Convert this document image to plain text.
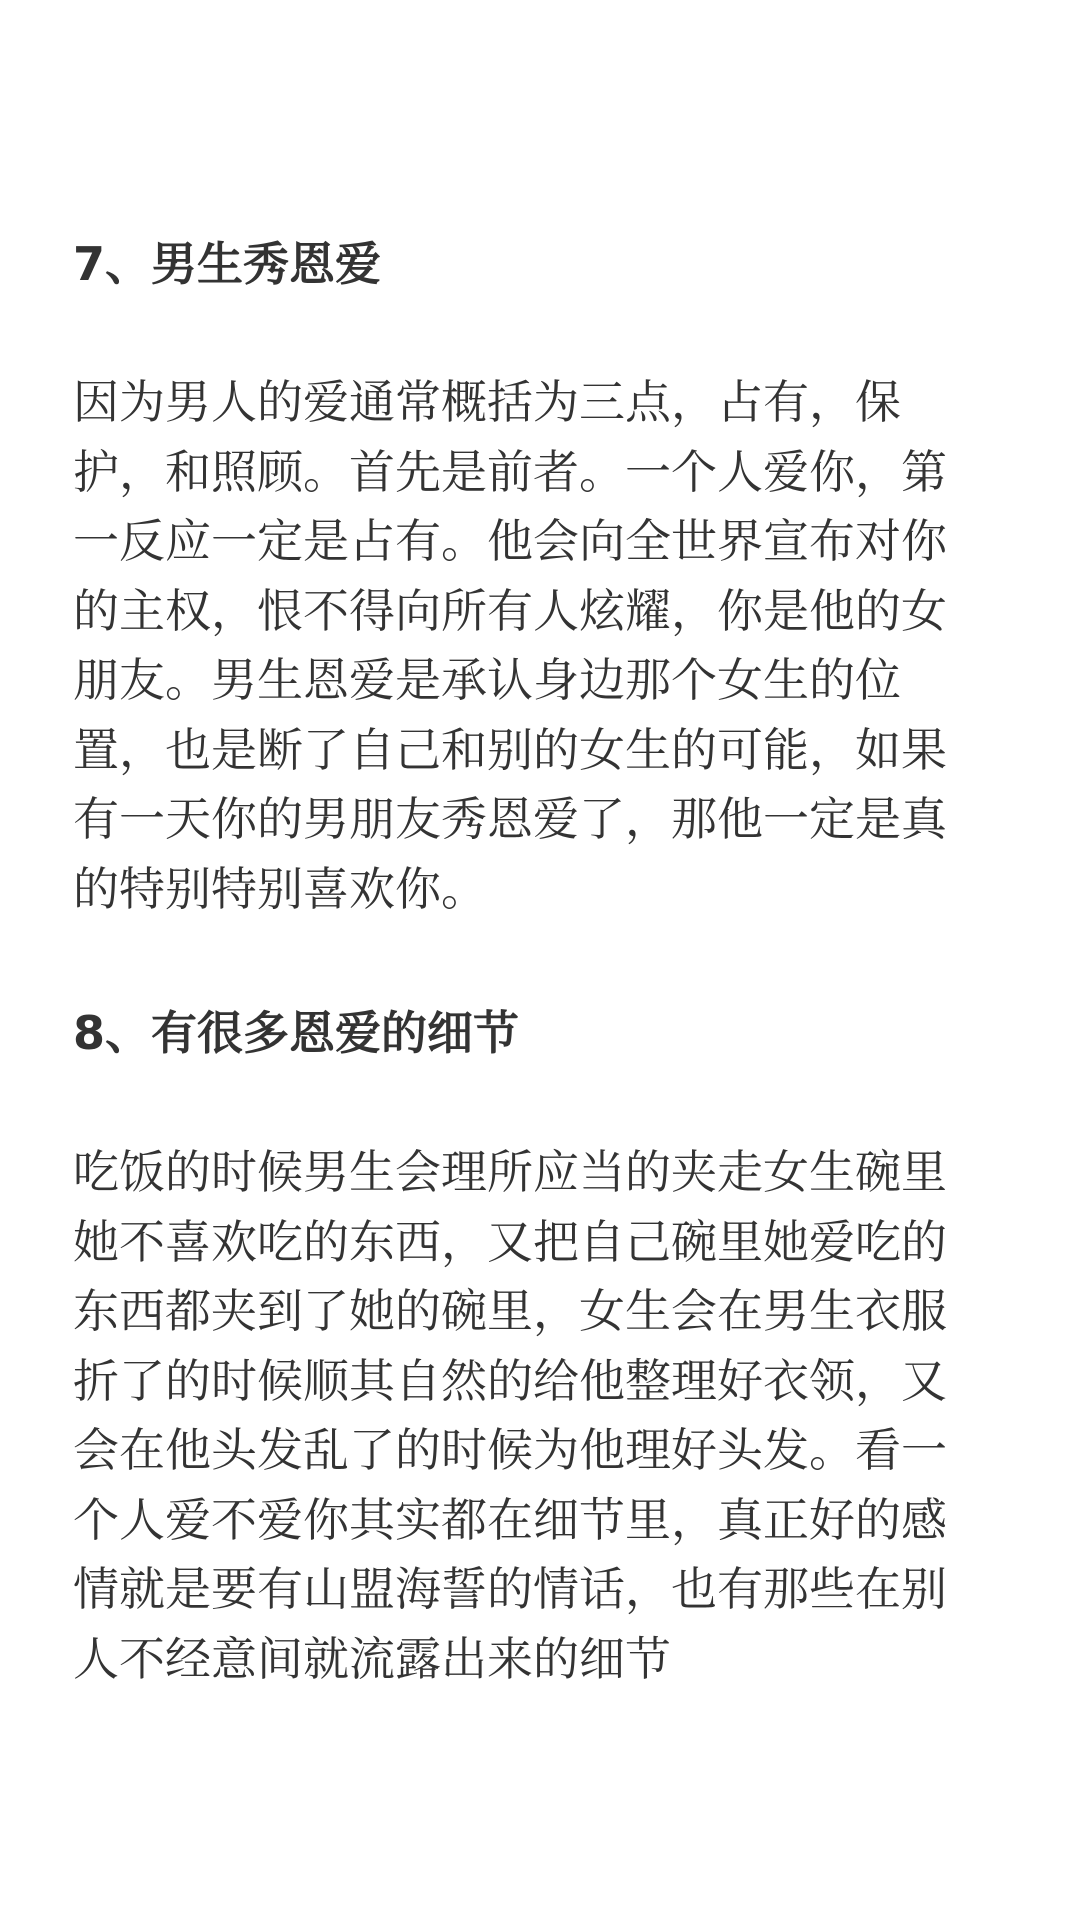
7、男生秀恩爱

因为男人的爱通常概括为三点，占有，保
护，和照顾。首先是前者。一个人爱你，第
一反应一定是占有。他会向全世界宣布对你
的主权，恨不得向所有人炫耀，你是他的女
朋友。男生恩爱是承认身边那个女生的位
置，也是断了自己和别的女生的可能，如果
有一天你的男朋友秀恩爱了，那他一定是真
的特别特别喜欢你。

8、有很多恩爱的细节

吃饭的时候男生会理所应当的夹走女生碗里
她不喜欢吃的东西，又把自己碗里她爱吃的
东西都夹到了她的碗里，女生会在男生衣服
折了的时候顺其自然的给他整理好衣领，又
会在他头发乱了的时候为他理好头发。看一
个人爱不爱你其实都在细节里，真正好的感
情就是要有山盟海誓的情话，也有那些在别
人不经意间就流露出来的细节
